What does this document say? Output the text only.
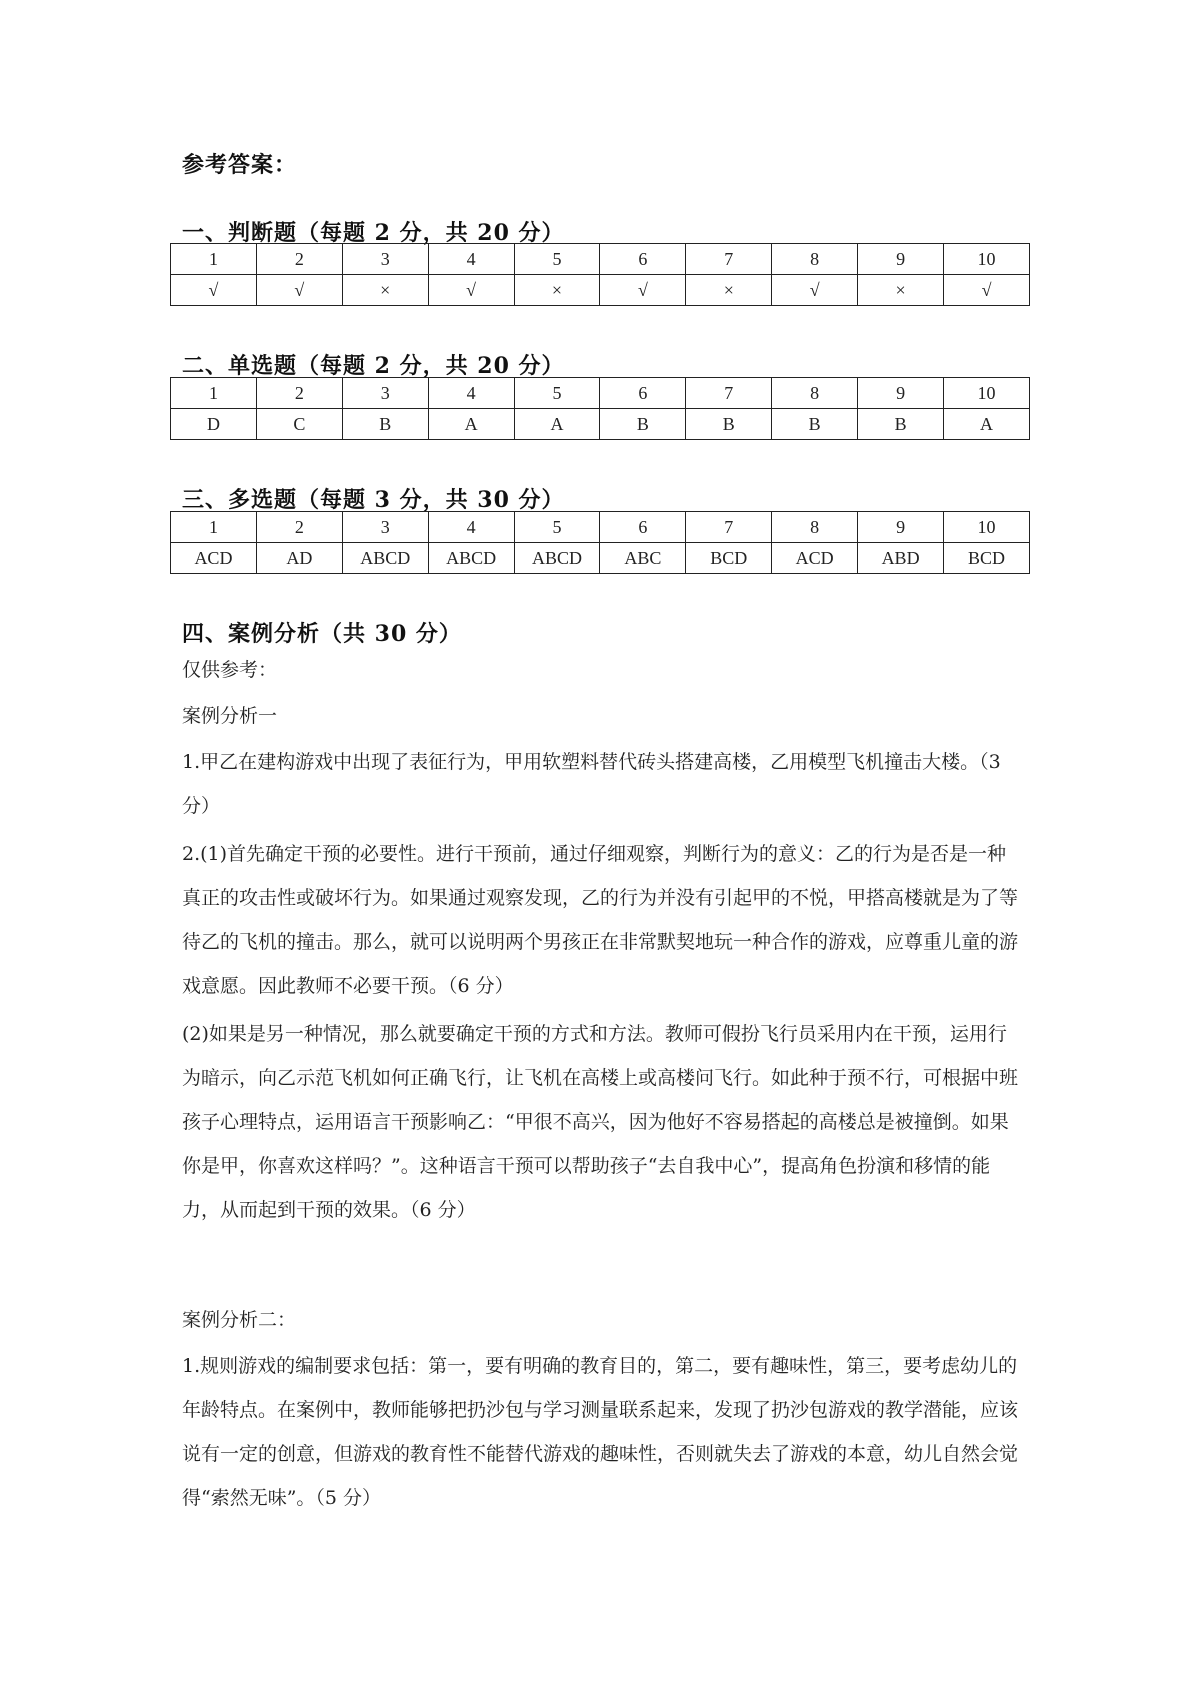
参考答案：
一、判断题（每题 2 分，共 20 分）
1	2	3	4	5	6	7	8	9	10
√	√	×	√	×	√	×	√	×	√
二、单选题（每题 2 分，共 20 分）
1	2	3	4	5	6	7	8	9	10
D	C	B	A	A	B	B	B	B	A
三、多选题（每题 3 分，共 30 分）
1	2	3	4	5	6	7	8	9	10
ACD	AD	ABCD	ABCD	ABCD	ABC	BCD	ACD	ABD	BCD
四、案例分析（共 30 分）
仅供参考：
案例分析一
1.甲乙在建构游戏中出现了表征行为，甲用软塑料替代砖头搭建高楼，乙用模型飞机撞击大楼。（3 分）
2.(1)首先确定干预的必要性。进行干预前，通过仔细观察，判断行为的意义：乙的行为是否是一种真正的攻击性或破坏行为。如果通过观察发现，乙的行为并没有引起甲的不悦，甲搭高楼就是为了等待乙的飞机的撞击。那么，就可以说明两个男孩正在非常默契地玩一种合作的游戏，应尊重儿童的游戏意愿。因此教师不必要干预。（6 分）
(2)如果是另一种情况，那么就要确定干预的方式和方法。教师可假扮飞行员采用内在干预，运用行为暗示，向乙示范飞机如何正确飞行，让飞机在高楼上或高楼问飞行。如此种于预不行，可根据中班孩子心理特点，运用语言干预影响乙：“甲很不高兴，因为他好不容易搭起的高楼总是被撞倒。如果你是甲，你喜欢这样吗？”。这种语言干预可以帮助孩子“去自我中心”，提高角色扮演和移情的能力，从而起到干预的效果。（6 分）
案例分析二：
1.规则游戏的编制要求包括：第一，要有明确的教育目的，第二，要有趣味性，第三，要考虑幼儿的年龄特点。在案例中，教师能够把扔沙包与学习测量联系起来，发现了扔沙包游戏的教学潜能，应该说有一定的创意，但游戏的教育性不能替代游戏的趣味性，否则就失去了游戏的本意，幼儿自然会觉得“索然无味”。（5 分）
